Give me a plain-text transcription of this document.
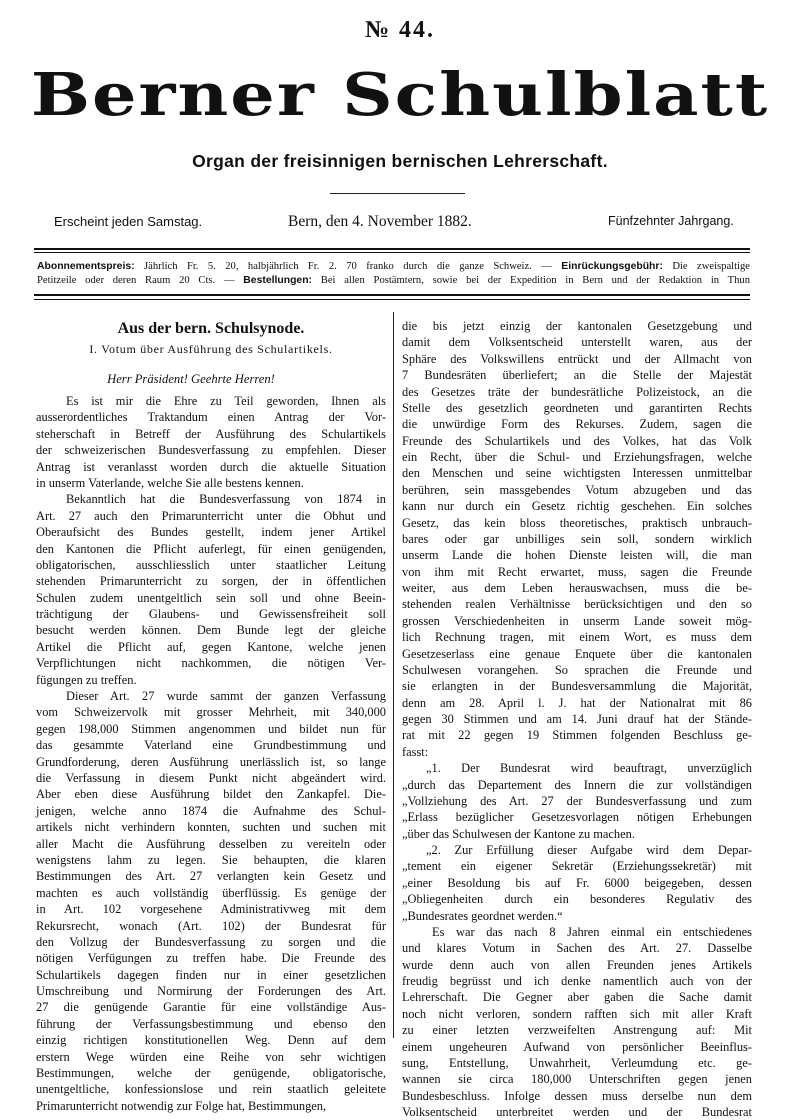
№ 44.
Berner Schulblatt
Organ der freisinnigen bernischen Lehrerschaft.
Erscheint jeden Samstag.	Bern, den 4. November 1882.	Fünfzehnter Jahrgang.
Abonnementspreis: Jährlich Fr. 5. 20, halbjährlich Fr. 2. 70 franko durch die ganze Schweiz. — Einrückungsgebühr: Die zweispaltige
Petitzeile oder deren Raum 20 Cts. — Bestellungen: Bei allen Postämtern, sowie bei der Expedition in Bern und der Redaktion in Thun
Aus der bern. Schulsynode.
I. Votum über Ausführung des Schulartikels.
Herr Präsident! Geehrte Herren!
Es ist mir die Ehre zu Teil geworden, Ihnen als
ausserordentliches Traktandum einen Antrag der Vor-
steherschaft in Betreff der Ausführung des Schulartikels
der schweizerischen Bundesverfassung zu empfehlen. Dieser
Antrag ist veranlasst worden durch die aktuelle Situation
in unserm Vaterlande, welche Sie alle bestens kennen.
Bekanntlich hat die Bundesverfassung von 1874 in
Art. 27 auch den Primarunterricht unter die Obhut und
Oberaufsicht des Bundes gestellt, indem jener Artikel
den Kantonen die Pflicht auferlegt, für einen genügenden,
obligatorischen, ausschliesslich unter staatlicher Leitung
stehenden Primarunterricht zu sorgen, der in öffentlichen
Schulen zudem unentgeltlich sein soll und ohne Beein-
trächtigung der Glaubens- und Gewissensfreiheit soll
besucht werden können. Dem Bunde legt der gleiche
Artikel die Pflicht auf, gegen Kantone, welche jenen
Verpflichtungen nicht nachkommen, die nötigen Ver-
fügungen zu treffen.
Dieser Art. 27 wurde sammt der ganzen Verfassung
vom Schweizervolk mit grosser Mehrheit, mit 340,000
gegen 198,000 Stimmen angenommen und bildet nun für
das gesammte Vaterland eine Grundbestimmung und
Grundforderung, deren Ausführung unerlässlich ist, so lange
die Verfassung in diesem Punkt nicht abgeändert wird.
Aber eben diese Ausführung bildet den Zankapfel. Die-
jenigen, welche anno 1874 die Aufnahme des Schul-
artikels nicht verhindern konnten, suchten und suchen mit
aller Macht die Ausführung desselben zu vereiteln oder
wenigstens lahm zu legen. Sie behaupten, die klaren
Bestimmungen des Art. 27 verlangten kein Gesetz und
machten es auch vollständig überflüssig. Es genüge der
in Art. 102 vorgesehene Administrativweg mit dem
Rekursrecht, wonach (Art. 102) der Bundesrat für
den Vollzug der Bundesverfassung zu sorgen und die
nötigen Verfügungen zu treffen habe. Die Freunde des
Schulartikels dagegen finden nur in einer gesetzlichen
Umschreibung und Normirung der Forderungen des Art.
27 die genügende Garantie für eine vollständige Aus-
führung der Verfassungsbestimmung und ebenso den
einzig richtigen konstitutionellen Weg. Denn auf dem
erstern Wege würden eine Reihe von sehr wichtigen
Bestimmungen, welche der genügende, obligatorische,
unentgeltliche, konfessionslose und rein staatlich geleitete
Primarunterricht notwendig zur Folge hat, Bestimmungen,
die bis jetzt einzig der kantonalen Gesetzgebung und
damit dem Volksentscheid unterstellt waren, aus der
Sphäre des Volkswillens entrückt und der Allmacht von
7 Bundesräten überliefert; an die Stelle der Majestät
des Gesetzes träte der bundesrätliche Polizeistock, an die
Stelle des gesetzlich geordneten und garantirten Rechts
die unwürdige Form des Rekurses. Zudem, sagen die
Freunde des Schulartikels und des Volkes, hat das Volk
ein Recht, über die Schul- und Erziehungsfragen, welche
den Menschen und seine wichtigsten Interessen unmittelbar
berühren, sein massgebendes Votum abzugeben und das
kann nur durch ein Gesetz richtig geschehen. Ein solches
Gesetz, das kein bloss theoretisches, praktisch unbrauch-
bares oder gar unbilliges sein soll, sondern wirklich
unserm Lande die hohen Dienste leisten will, die man
von ihm mit Recht erwartet, muss, sagen die Freunde
weiter, aus dem Leben herauswachsen, muss die be-
stehenden realen Verhältnisse berücksichtigen und den so
grossen Verschiedenheiten in unserm Lande soweit mög-
lich Rechnung tragen, mit einem Wort, es muss dem
Gesetzeserlass eine genaue Enquete über die kantonalen
Schulwesen vorangehen. So sprachen die Freunde und
sie erlangten in der Bundesversammlung die Majorität,
denn am 28. April l. J. hat der Nationalrat mit 86
gegen 30 Stimmen und am 14. Juni drauf hat der Stände-
rat mit 22 gegen 19 Stimmen folgenden Beschluss ge-
fasst:
„1. Der Bundesrat wird beauftragt, unverzüglich
„durch das Departement des Innern die zur vollständigen
„Vollziehung des Art. 27 der Bundesverfassung und zum
„Erlass bezüglicher Gesetzesvorlagen nötigen Erhebungen
„über das Schulwesen der Kantone zu machen.
„2. Zur Erfüllung dieser Aufgabe wird dem Depar-
„tement ein eigener Sekretär (Erziehungssekretär) mit
„einer Besoldung bis auf Fr. 6000 beigegeben, dessen
„Obliegenheiten durch ein besonderes Regulativ des
„Bundesrates geordnet werden.“
Es war das nach 8 Jahren einmal ein entschiedenes
und klares Votum in Sachen des Art. 27. Dasselbe
wurde denn auch von allen Freunden jenes Artikels
freudig begrüsst und ich denke namentlich auch von der
Lehrerschaft. Die Gegner aber gaben die Sache damit
noch nicht verloren, sondern rafften sich mit aller Kraft
zu einer letzten verzweifelten Anstrengung auf: Mit
einem ungeheuren Aufwand von persönlicher Beeinflus-
sung, Entstellung, Unwahrheit, Verleumdung etc. ge-
wannen sie circa 180,000 Unterschriften gegen jenen
Bundesbeschluss. Infolge dessen muss derselbe nun dem
Volksentscheid unterbreitet werden und der Bundesrat
